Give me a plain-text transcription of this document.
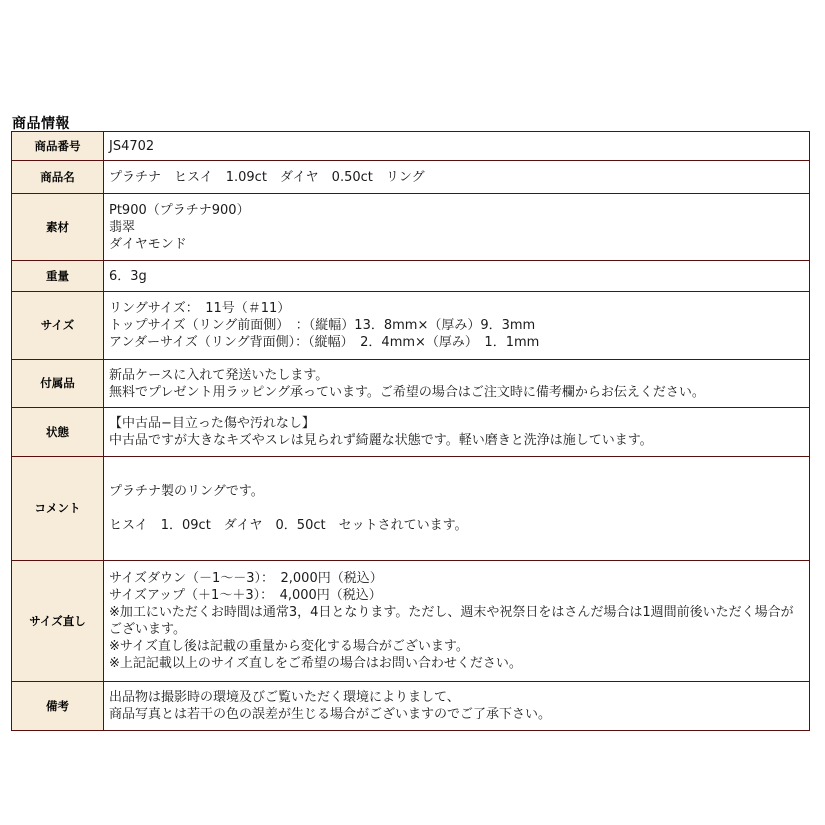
商品情報
商品番号	JS4702
商品名	プラチナ　ヒスイ　1.09ct　ダイヤ　0.50ct　リング
素材	Pt900（プラチナ900）
翡翠
ダイヤモンド

重量	6．3g
サイズ	リングサイズ：　11号（＃11）
トップサイズ（リング前面側）　：（縦幅）13．8mm×（厚み）9．3mm
アンダーサイズ（リング背面側）：（縦幅）　2．4mm×（厚み）　1．1mm

付属品	新品ケースに入れて発送いたします。
無料でプレゼント用ラッピング承っています。ご希望の場合はご注文時に備考欄からお伝えください。

状態	【中古品−目立った傷や汚れなし】
中古品ですが大きなキズやスレは見られず綺麗な状態です。軽い磨きと洗浄は施しています。

コメント	プラチナ製のリングです。
ヒスイ　1．09ct　ダイヤ　0．50ct　セットされています。

サイズ直し	サイズダウン（－1～－3）：　2,000円（税込）
サイズアップ（＋1～＋3）：　4,000円（税込）
※加工にいただくお時間は通常3，4日となります。ただし、週末や祝祭日をはさんだ場合は1週間前後いただく場合がございます。
※サイズ直し後は記載の重量から変化する場合がございます。
※上記記載以上のサイズ直しをご希望の場合はお問い合わせください。

備考	出品物は撮影時の環境及びご覧いただく環境によりまして、
商品写真とは若干の色の誤差が生じる場合がございますのでご了承下さい。
